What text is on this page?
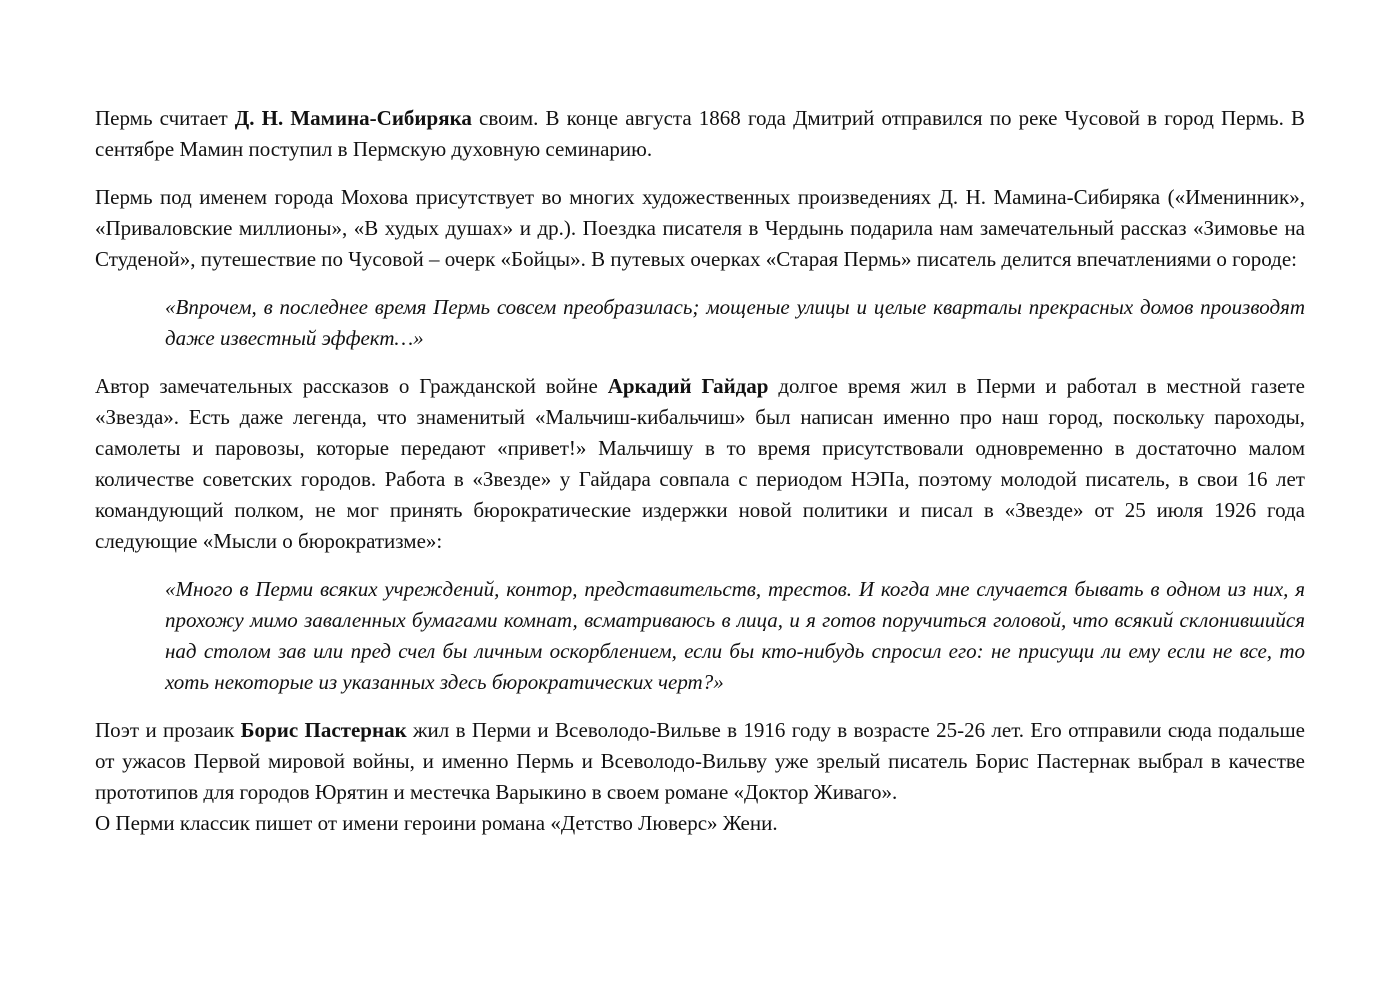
Пермь считает Д. Н. Мамина-Сибиряка своим. В конце августа 1868 года Дмитрий отправился по реке Чусовой в город Пермь. В сентябре Мамин поступил в Пермскую духовную семинарию.

Пермь под именем города Мохова присутствует во многих художественных произведениях Д. Н. Мамина-Сибиряка («Именинник», «Приваловские миллионы», «В худых душах» и др.). Поездка писателя в Чердынь подарила нам замечательный рассказ «Зимовье на Студеной», путешествие по Чусовой – очерк «Бойцы». В путевых очерках «Старая Пермь» писатель делится впечатлениями о городе:

«Впрочем, в последнее время Пермь совсем преобразилась; мощеные улицы и целые кварталы прекрасных домов производят даже известный эффект…»

Автор замечательных рассказов о Гражданской войне Аркадий Гайдар долгое время жил в Перми и работал в местной газете «Звезда». Есть даже легенда, что знаменитый «Мальчиш-кибальчиш» был написан именно про наш город, поскольку пароходы, самолеты и паровозы, которые передают «привет!» Мальчишу в то время присутствовали одновременно в достаточно малом количестве советских городов. Работа в «Звезде» у Гайдара совпала с периодом НЭПа, поэтому молодой писатель, в свои 16 лет командующий полком, не мог принять бюрократические издержки новой политики и писал в «Звезде» от 25 июля 1926 года следующие «Мысли о бюрократизме»:

«Много в Перми всяких учреждений, контор, представительств, трестов. И когда мне случается бывать в одном из них, я прохожу мимо заваленных бумагами комнат, всматриваюсь в лица, и я готов поручиться головой, что всякий склонившийся над столом зав или пред счел бы личным оскорблением, если бы кто-нибудь спросил его: не присущи ли ему если не все, то хоть некоторые из указанных здесь бюрократических черт?»

Поэт и прозаик Борис Пастернак жил в Перми и Всеволодо-Вильве в 1916 году в возрасте 25-26 лет. Его отправили сюда подальше от ужасов Первой мировой войны, и именно Пермь и Всеволодо-Вильву уже зрелый писатель Борис Пастернак выбрал в качестве прототипов для городов Юрятин и местечка Варыкино в своем романе «Доктор Живаго».

О Перми классик пишет от имени героини романа «Детство Люверс» Жени.
